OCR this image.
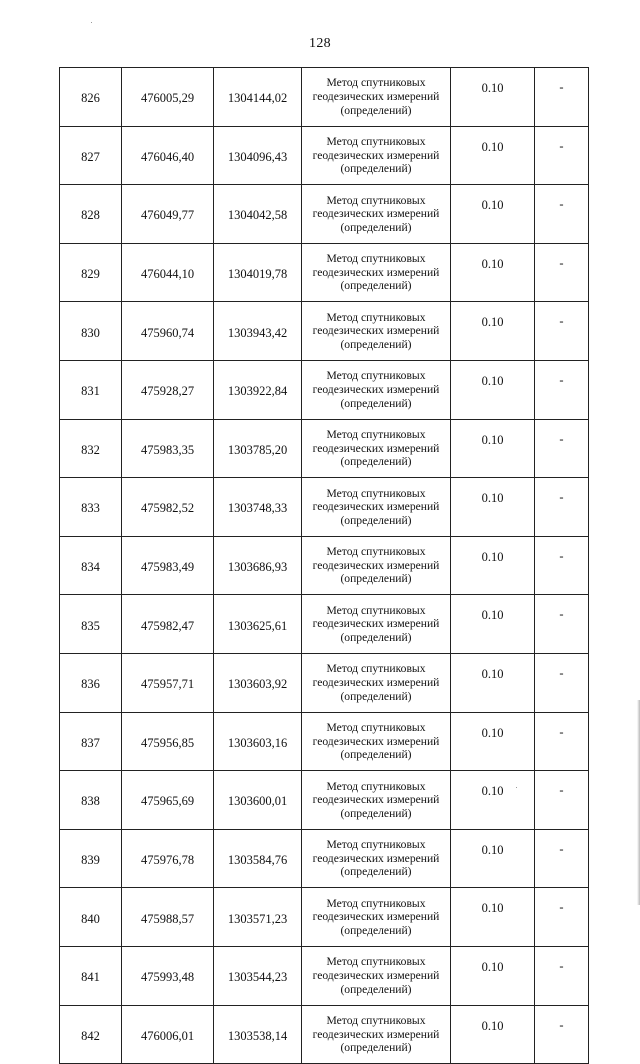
128
826	476005,29	1304144,02	Метод спутниковых
геодезических измерений
(определений)	0.10	-
827	476046,40	1304096,43	Метод спутниковых
геодезических измерений
(определений)	0.10	-
828	476049,77	1304042,58	Метод спутниковых
геодезических измерений
(определений)	0.10	-
829	476044,10	1304019,78	Метод спутниковых
геодезических измерений
(определений)	0.10	-
830	475960,74	1303943,42	Метод спутниковых
геодезических измерений
(определений)	0.10	-
831	475928,27	1303922,84	Метод спутниковых
геодезических измерений
(определений)	0.10	-
832	475983,35	1303785,20	Метод спутниковых
геодезических измерений
(определений)	0.10	-
833	475982,52	1303748,33	Метод спутниковых
геодезических измерений
(определений)	0.10	-
834	475983,49	1303686,93	Метод спутниковых
геодезических измерений
(определений)	0.10	-
835	475982,47	1303625,61	Метод спутниковых
геодезических измерений
(определений)	0.10	-
836	475957,71	1303603,92	Метод спутниковых
геодезических измерений
(определений)	0.10	-
837	475956,85	1303603,16	Метод спутниковых
геодезических измерений
(определений)	0.10	-
838	475965,69	1303600,01	Метод спутниковых
геодезических измерений
(определений)	0.10	-
839	475976,78	1303584,76	Метод спутниковых
геодезических измерений
(определений)	0.10	-
840	475988,57	1303571,23	Метод спутниковых
геодезических измерений
(определений)	0.10	-
841	475993,48	1303544,23	Метод спутниковых
геодезических измерений
(определений)	0.10	-
842	476006,01	1303538,14	Метод спутниковых
геодезических измерений
(определений)	0.10	-
